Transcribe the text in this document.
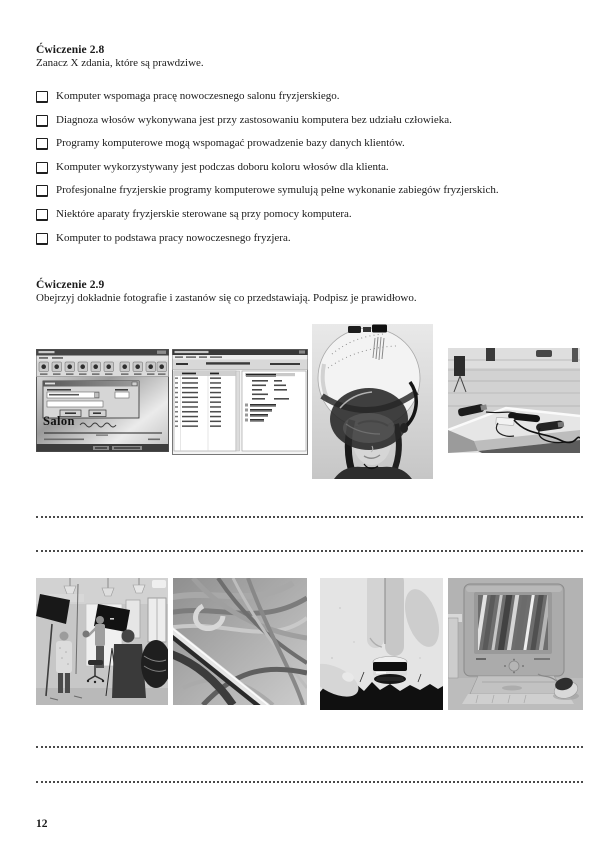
Ćwiczenie 2.8
Zanacz X zdania, które są prawdziwe.
Komputer wspomaga pracę nowoczesnego salonu fryzjerskiego.
Diagnoza włosów wykonywana jest przy zastosowaniu komputera bez udziału człowieka.
Programy komputerowe mogą wspomagać prowadzenie bazy danych klientów.
Komputer wykorzystywany jest podczas doboru koloru włosów dla klienta.
Profesjonalne fryzjerskie programy komputerowe symulują pełne wykonanie zabiegów fryzjerskich.
Niektóre aparaty fryzjerskie sterowane są przy pomocy komputera.
Komputer to podstawa pracy nowoczesnego fryzjera.
Ćwiczenie 2.9
Obejrzyj dokładnie fotografie i zastanów się co przedstawiają. Podpisz je prawidłowo.
Salon
12
